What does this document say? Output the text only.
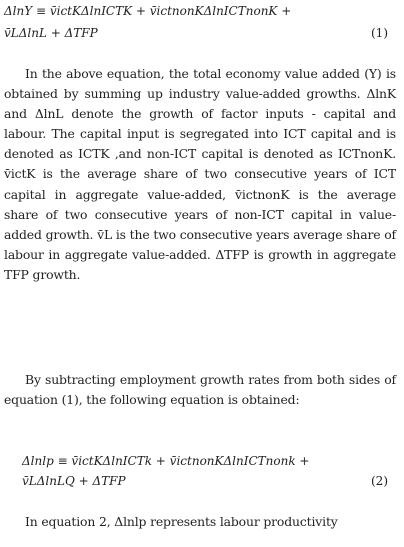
ΔlnY ≡ v̄ictKΔlnICTK + v̄ictnonKΔlnICTnonK +
v̄LΔlnL + ΔTFP	(1)

In the above equation, the total economy value added (Y) is obtained by summing up industry value-added growths. ΔlnK and ΔlnL denote the growth of factor inputs - capital and labour. The capital input is segregated into ICT capital and is denoted as ICTK ,and non-ICT capital is denoted as ICTnonK. v̄ictK is the average share of two consecutive years of ICT capital in aggregate value-added, v̄ictnonK is the average share of two consecutive years of non-ICT capital in value-added growth. v̄L is the two consecutive years average share of labour in aggregate value-added. ΔTFP is growth in aggregate TFP growth.

By subtracting employment growth rates from both sides of equation (1), the following equation is obtained:

Δlnlp ≡ v̄ictKΔlnICTk + v̄ictnonKΔlnICTnonk +
v̄LΔlnLQ + ΔTFP	(2)

In equation 2, Δlnlp represents labour productivity
